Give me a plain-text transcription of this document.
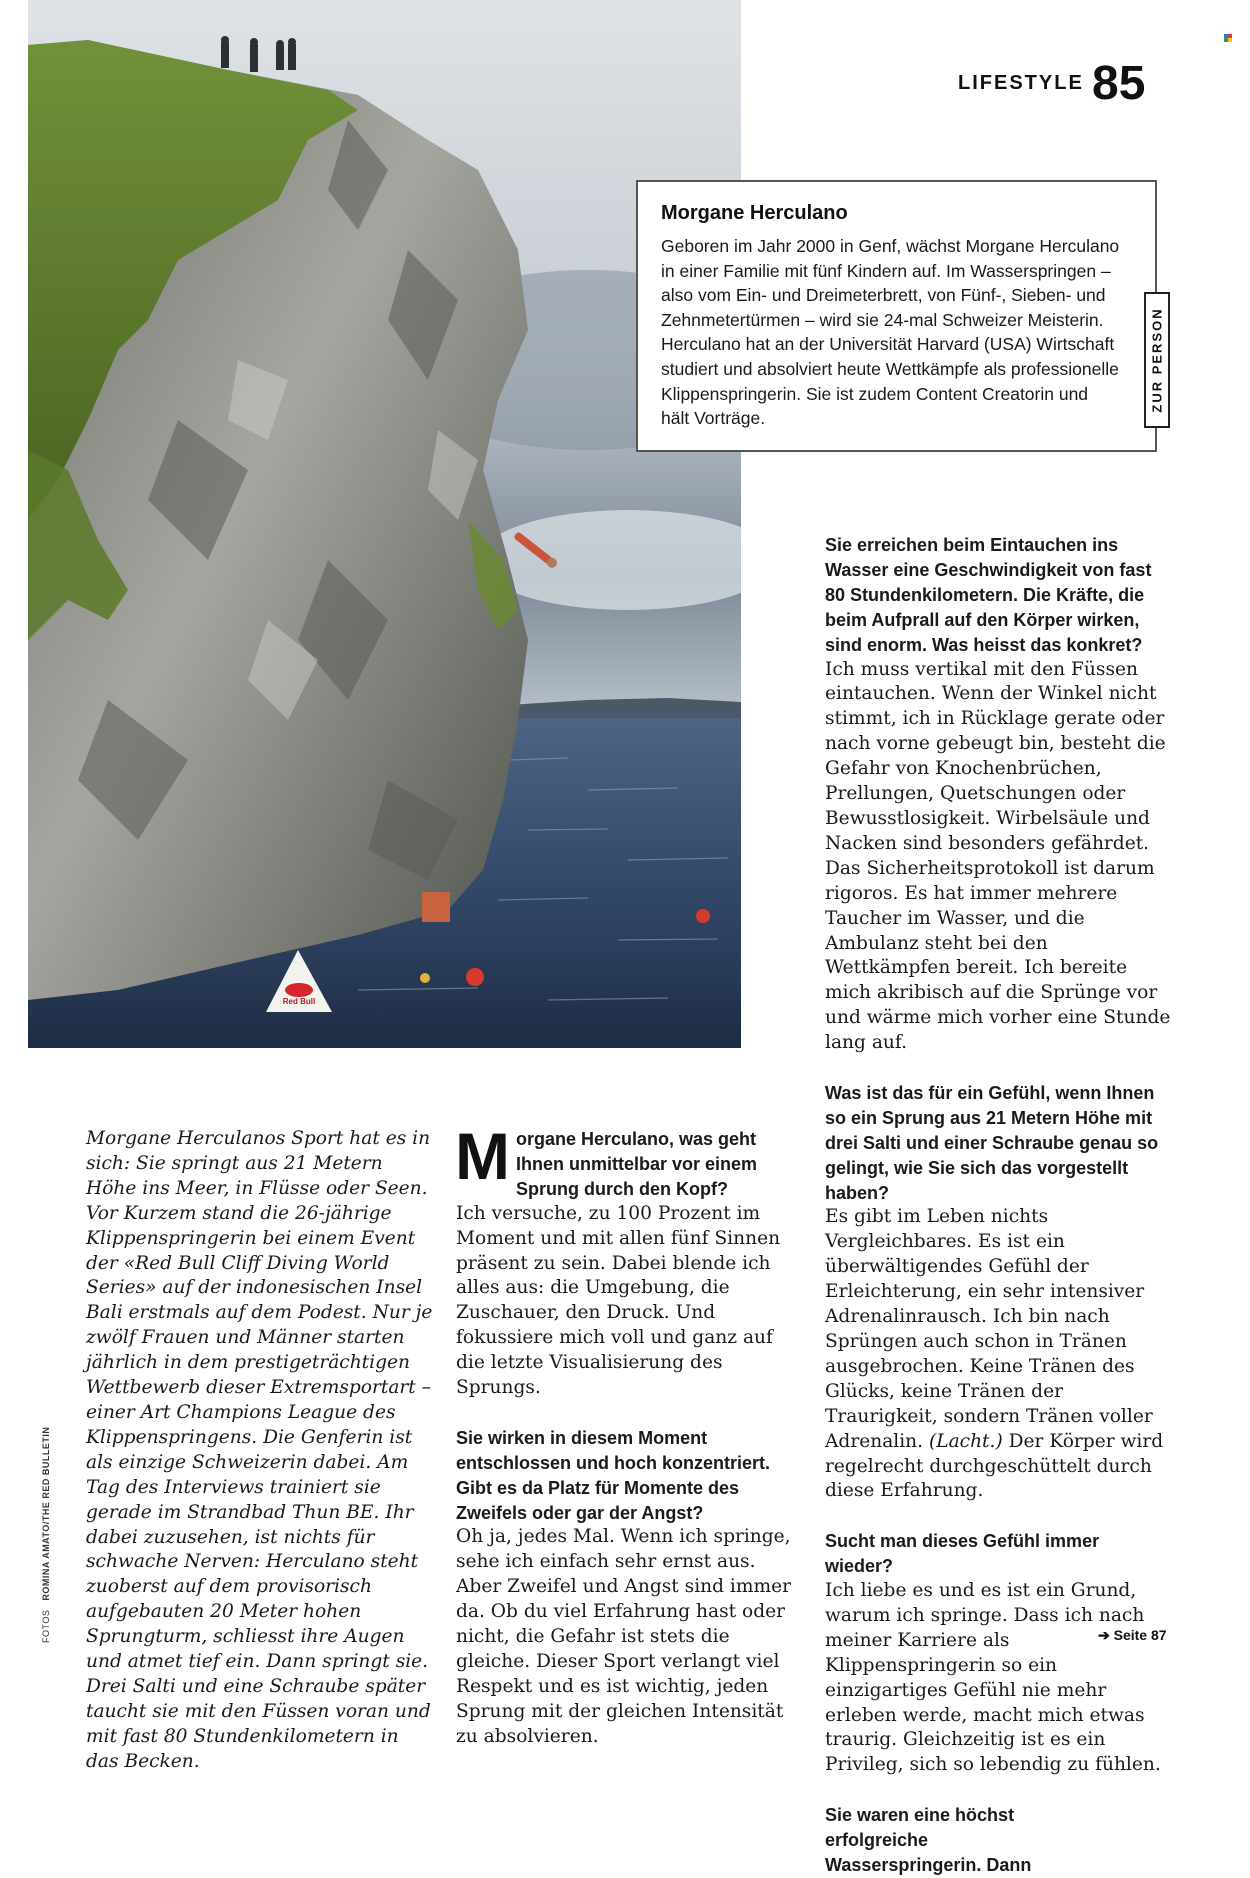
Red Bull
LIFESTYLE 85

Morgane Herculano

Geboren im Jahr 2000 in Genf, wächst Morgane Herculano in einer Familie mit fünf Kindern auf. Im Wasserspringen – also vom Ein- und Dreimeterbrett, von Fünf-, Sieben- und Zehnmetertürmen – wird sie 24-mal Schweizer Meisterin. Herculano hat an der Universität Harvard (USA) Wirtschaft studiert und absolviert heute Wettkämpfe als professionelle Klippenspringerin. Sie ist zudem Content Creatorin und hält Vorträge.

ZUR PERSON

Morgane Herculanos Sport hat es in sich: Sie springt aus 21 Metern Höhe ins Meer, in Flüsse oder Seen. Vor Kurzem stand die 26-jährige Klippenspringerin bei einem Event der «Red Bull Cliff Diving World Series» auf der indonesischen Insel Bali erstmals auf dem Podest. Nur je zwölf Frauen und Männer starten jährlich in dem prestigeträchtigen Wettbewerb dieser Extremsportart – einer Art Champions League des Klippenspringens. Die Genferin ist als einzige Schweizerin dabei. Am Tag des Interviews trainiert sie gerade im Strandbad Thun BE. Ihr dabei zuzusehen, ist nichts für schwache Nerven: Herculano steht zuoberst auf dem provisorisch aufgebauten 20 Meter hohen Sprungturm, schliesst ihre Augen und atmet tief ein. Dann springt sie. Drei Salti und eine Schraube später taucht sie mit den Füssen voran und mit fast 80 Stundenkilometern in das Becken.

Morgane Herculano, was geht Ihnen unmittelbar vor einem Sprung durch den Kopf?

Ich versuche, zu 100 Prozent im Moment und mit allen fünf Sinnen präsent zu sein. Dabei blende ich alles aus: die Umgebung, die Zuschauer, den Druck. Und fokussiere mich voll und ganz auf die letzte Visualisierung des Sprungs.

Sie wirken in diesem Moment entschlossen und hoch konzentriert. Gibt es da Platz für Momente des Zweifels oder gar der Angst?

Oh ja, jedes Mal. Wenn ich springe, sehe ich einfach sehr ernst aus. Aber Zweifel und Angst sind immer da. Ob du viel Erfahrung hast oder nicht, die Gefahr ist stets die gleiche. Dieser Sport verlangt viel Respekt und es ist wichtig, jeden Sprung mit der gleichen Intensität zu absolvieren.

Sie erreichen beim Eintauchen ins Wasser eine Geschwindigkeit von fast 80 Stundenkilometern. Die Kräfte, die beim Aufprall auf den Körper wirken, sind enorm. Was heisst das konkret?

Ich muss vertikal mit den Füssen eintauchen. Wenn der Winkel nicht stimmt, ich in Rücklage gerate oder nach vorne gebeugt bin, besteht die Gefahr von Knochenbrüchen, Prellungen, Quetschungen oder Bewusstlosigkeit. Wirbelsäule und Nacken sind besonders gefährdet. Das Sicherheitsprotokoll ist darum rigoros. Es hat immer mehrere Taucher im Wasser, und die Ambulanz steht bei den Wettkämpfen bereit. Ich bereite mich akribisch auf die Sprünge vor und wärme mich vorher eine Stunde lang auf.

Was ist das für ein Gefühl, wenn Ihnen so ein Sprung aus 21 Metern Höhe mit drei Salti und einer Schraube genau so gelingt, wie Sie sich das vorgestellt haben?

Es gibt im Leben nichts Vergleichbares. Es ist ein überwältigendes Gefühl der Erleichterung, ein sehr intensiver Adrenalinrausch. Ich bin nach Sprüngen auch schon in Tränen ausgebrochen. Keine Tränen des Glücks, keine Tränen der Traurigkeit, sondern Tränen voller Adrenalin. (Lacht.) Der Körper wird regelrecht durchgeschüttelt durch diese Erfahrung.

Sucht man dieses Gefühl immer wieder?

Ich liebe es und es ist ein Grund, warum ich springe. Dass ich nach meiner Karriere als Klippenspringerin so ein einzigartiges Gefühl nie mehr erleben werde, macht mich etwas traurig. Gleichzeitig ist es ein Privileg, sich so lebendig zu fühlen.

Sie waren eine höchst erfolgreiche Wasserspringerin. Dann

➔ Seite 87
FOTOS   ROMINA AMATO/THE RED BULLETIN
